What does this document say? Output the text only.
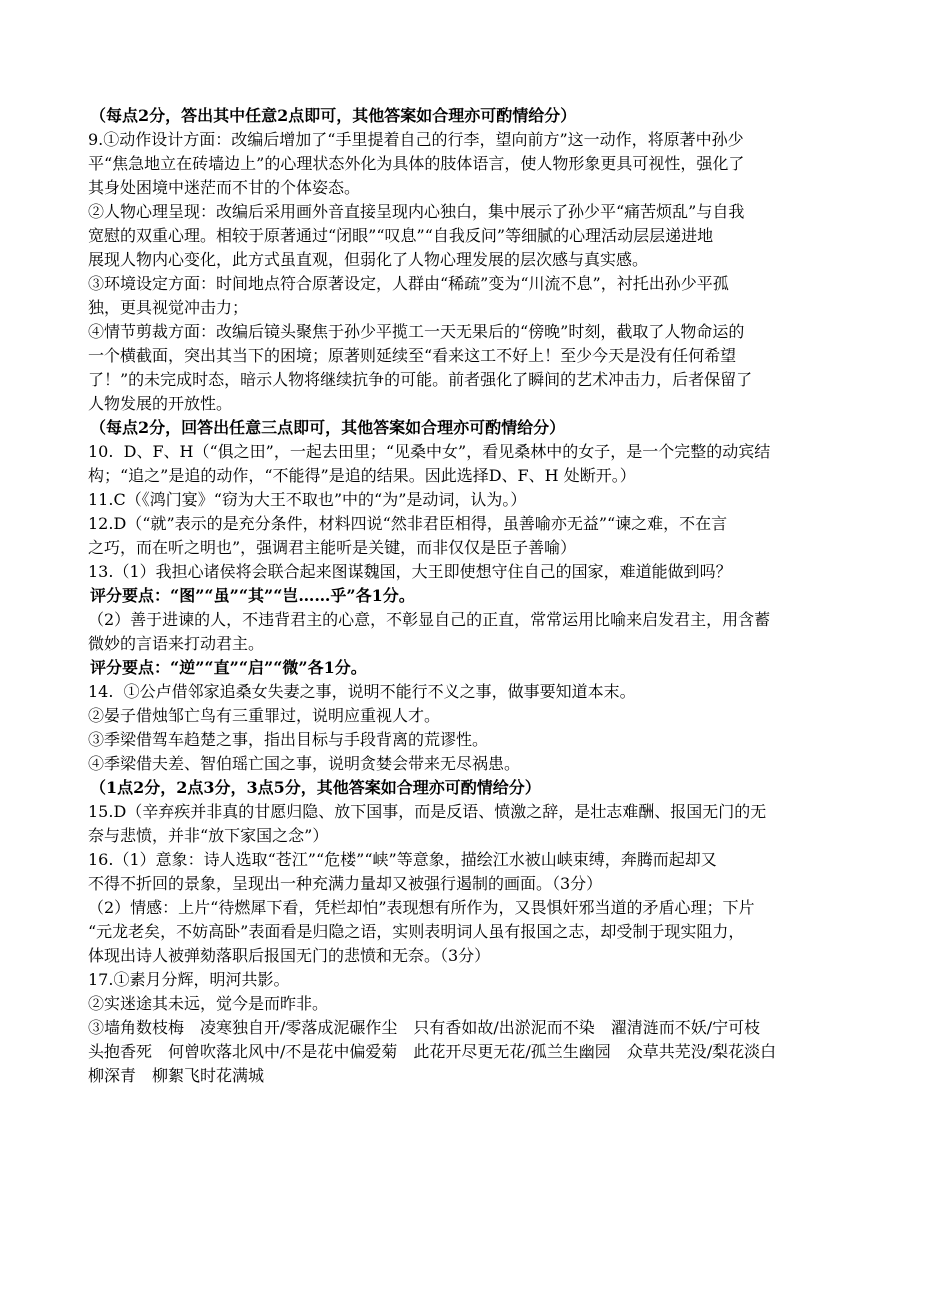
（每点2分，答出其中任意2点即可，其他答案如合理亦可酌情给分）

9.①动作设计方面：改编后增加了“手里提着自己的行李，望向前方”这一动作，将原著中孙少

平“焦急地立在砖墙边上”的心理状态外化为具体的肢体语言，使人物形象更具可视性，强化了

其身处困境中迷茫而不甘的个体姿态。

②人物心理呈现：改编后采用画外音直接呈现内心独白，集中展示了孙少平“痛苦烦乱”与自我

宽慰的双重心理。相较于原著通过“闭眼”“叹息”“自我反问”等细腻的心理活动层层递进地

展现人物内心变化，此方式虽直观，但弱化了人物心理发展的层次感与真实感。

③环境设定方面：时间地点符合原著设定，人群由“稀疏”变为“川流不息”，衬托出孙少平孤

独，更具视觉冲击力；

④情节剪裁方面：改编后镜头聚焦于孙少平揽工一天无果后的“傍晚”时刻，截取了人物命运的

一个横截面，突出其当下的困境；原著则延续至“看来这工不好上！至少今天是没有任何希望

了！”的未完成时态，暗示人物将继续抗争的可能。前者强化了瞬间的艺术冲击力，后者保留了

人物发展的开放性。

（每点2分，回答出任意三点即可，其他答案如合理亦可酌情给分）

10.  D、F、H（“俱之田”，一起去田里；“见桑中女”，看见桑林中的女子，是一个完整的动宾结

构；“追之”是追的动作，“不能得”是追的结果。因此选择D、F、H 处断开。）

11.C（《鸿门宴》“窃为大王不取也”中的“为”是动词，认为。）

12.D（“就”表示的是充分条件，材料四说“然非君臣相得，虽善喻亦无益”“谏之难，不在言

之巧，而在听之明也”，强调君主能听是关键，而非仅仅是臣子善喻）

13.（1）我担心诸侯将会联合起来图谋魏国，大王即使想守住自己的国家，难道能做到吗？

评分要点：“图”“虽”“其”“岂……乎”各1分。

（2）善于进谏的人，不违背君主的心意，不彰显自己的正直，常常运用比喻来启发君主，用含蓄

微妙的言语来打动君主。

评分要点：“逆”“直”“启”“微”各1分。

14.  ①公卢借邻家追桑女失妻之事，说明不能行不义之事，做事要知道本末。

②晏子借烛邹亡鸟有三重罪过，说明应重视人才。

③季梁借驾车趋楚之事，指出目标与手段背离的荒谬性。

④季梁借夫差、智伯瑶亡国之事，说明贪婪会带来无尽祸患。

（1点2分，2点3分，3点5分，其他答案如合理亦可酌情给分）

15.D（辛弃疾并非真的甘愿归隐、放下国事，而是反语、愤激之辞，是壮志难酬、报国无门的无

奈与悲愤，并非“放下家国之念”）

16.（1）意象：诗人选取“苍江”“危楼”“峡”等意象，描绘江水被山峡束缚，奔腾而起却又

不得不折回的景象，呈现出一种充满力量却又被强行遏制的画面。（3分）

（2）情感：上片“待燃犀下看，凭栏却怕”表现想有所作为，又畏惧奸邪当道的矛盾心理；下片

“元龙老矣，不妨高卧”表面看是归隐之语，实则表明词人虽有报国之志，却受制于现实阻力，

体现出诗人被弹劾落职后报国无门的悲愤和无奈。（3分）

17.①素月分辉，明河共影。

②实迷途其未远，觉今是而昨非。

③墙角数枝梅　凌寒独自开/零落成泥碾作尘　只有香如故/出淤泥而不染　濯清涟而不妖/宁可枝

头抱香死　何曾吹落北风中/不是花中偏爱菊　此花开尽更无花/孤兰生幽园　众草共芜没/梨花淡白

柳深青　柳絮飞时花满城
